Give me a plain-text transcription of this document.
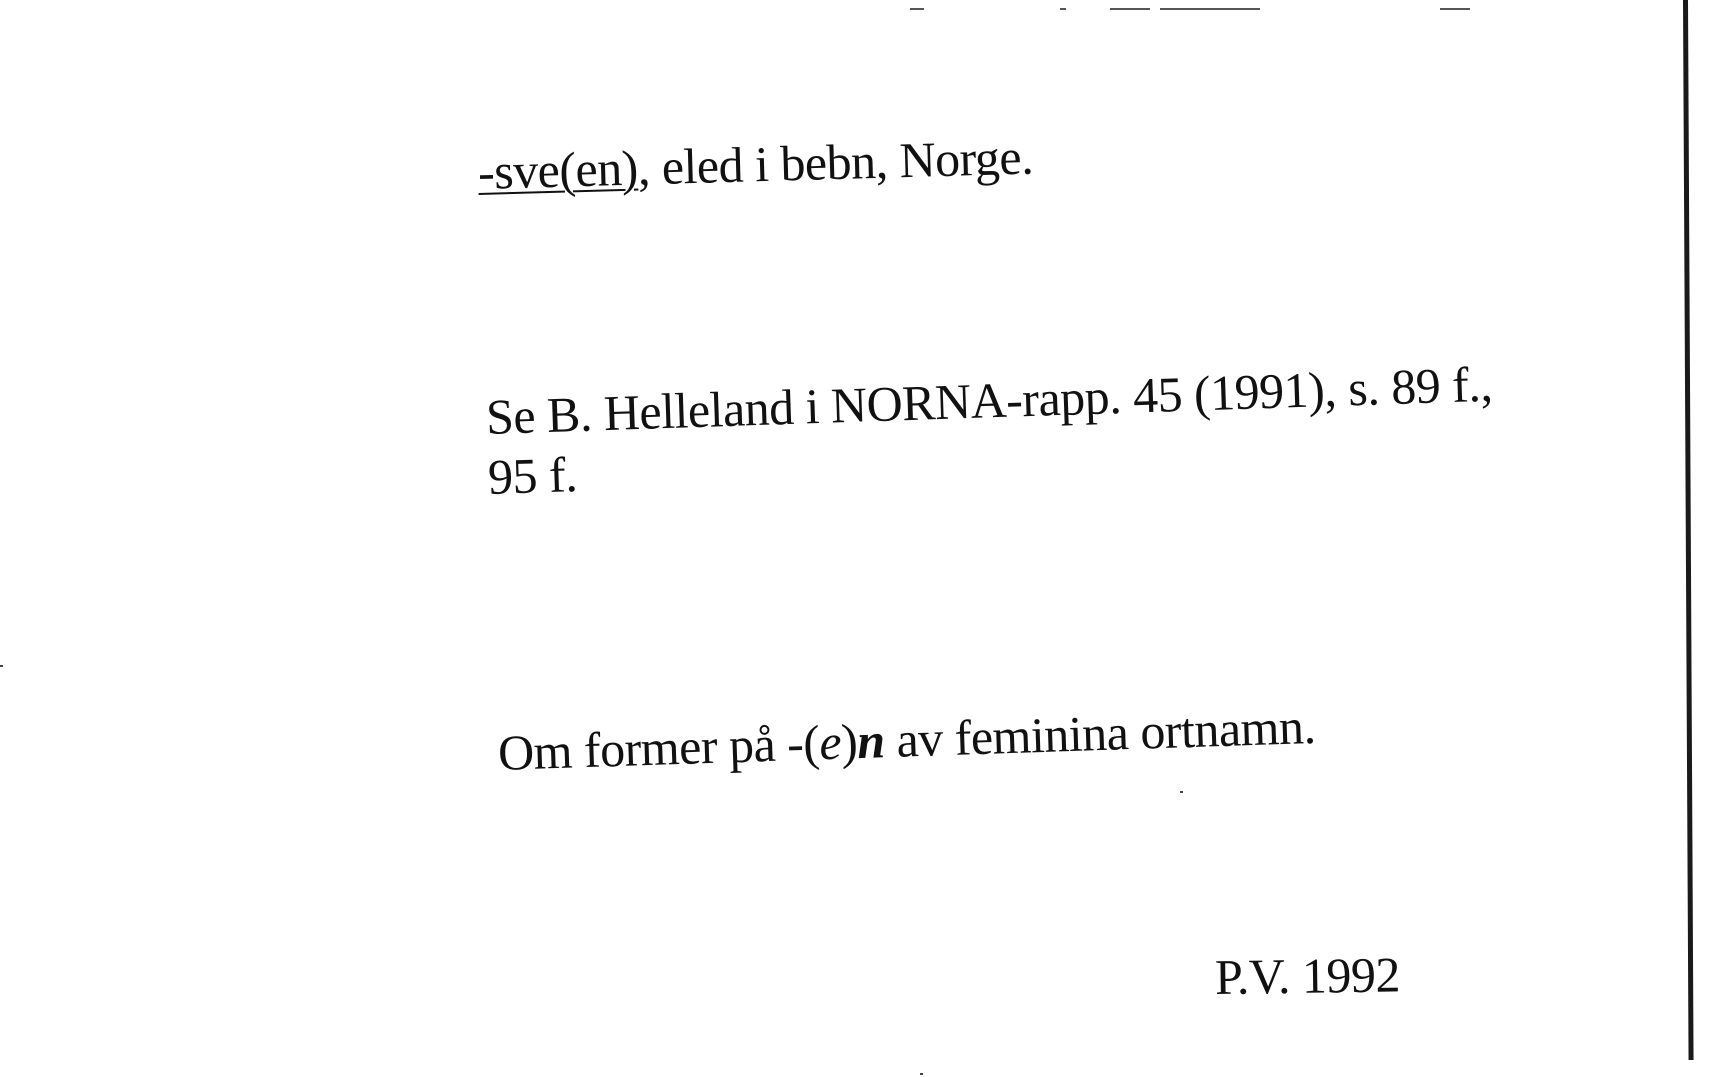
-sve(en), eled i bebn, Norge.
Se B. Helleland i NORNA-rapp. 45 (1991), s. 89 f.,
95 f.
Om former på -(e)n av feminina ortnamn.
P.V. 1992
